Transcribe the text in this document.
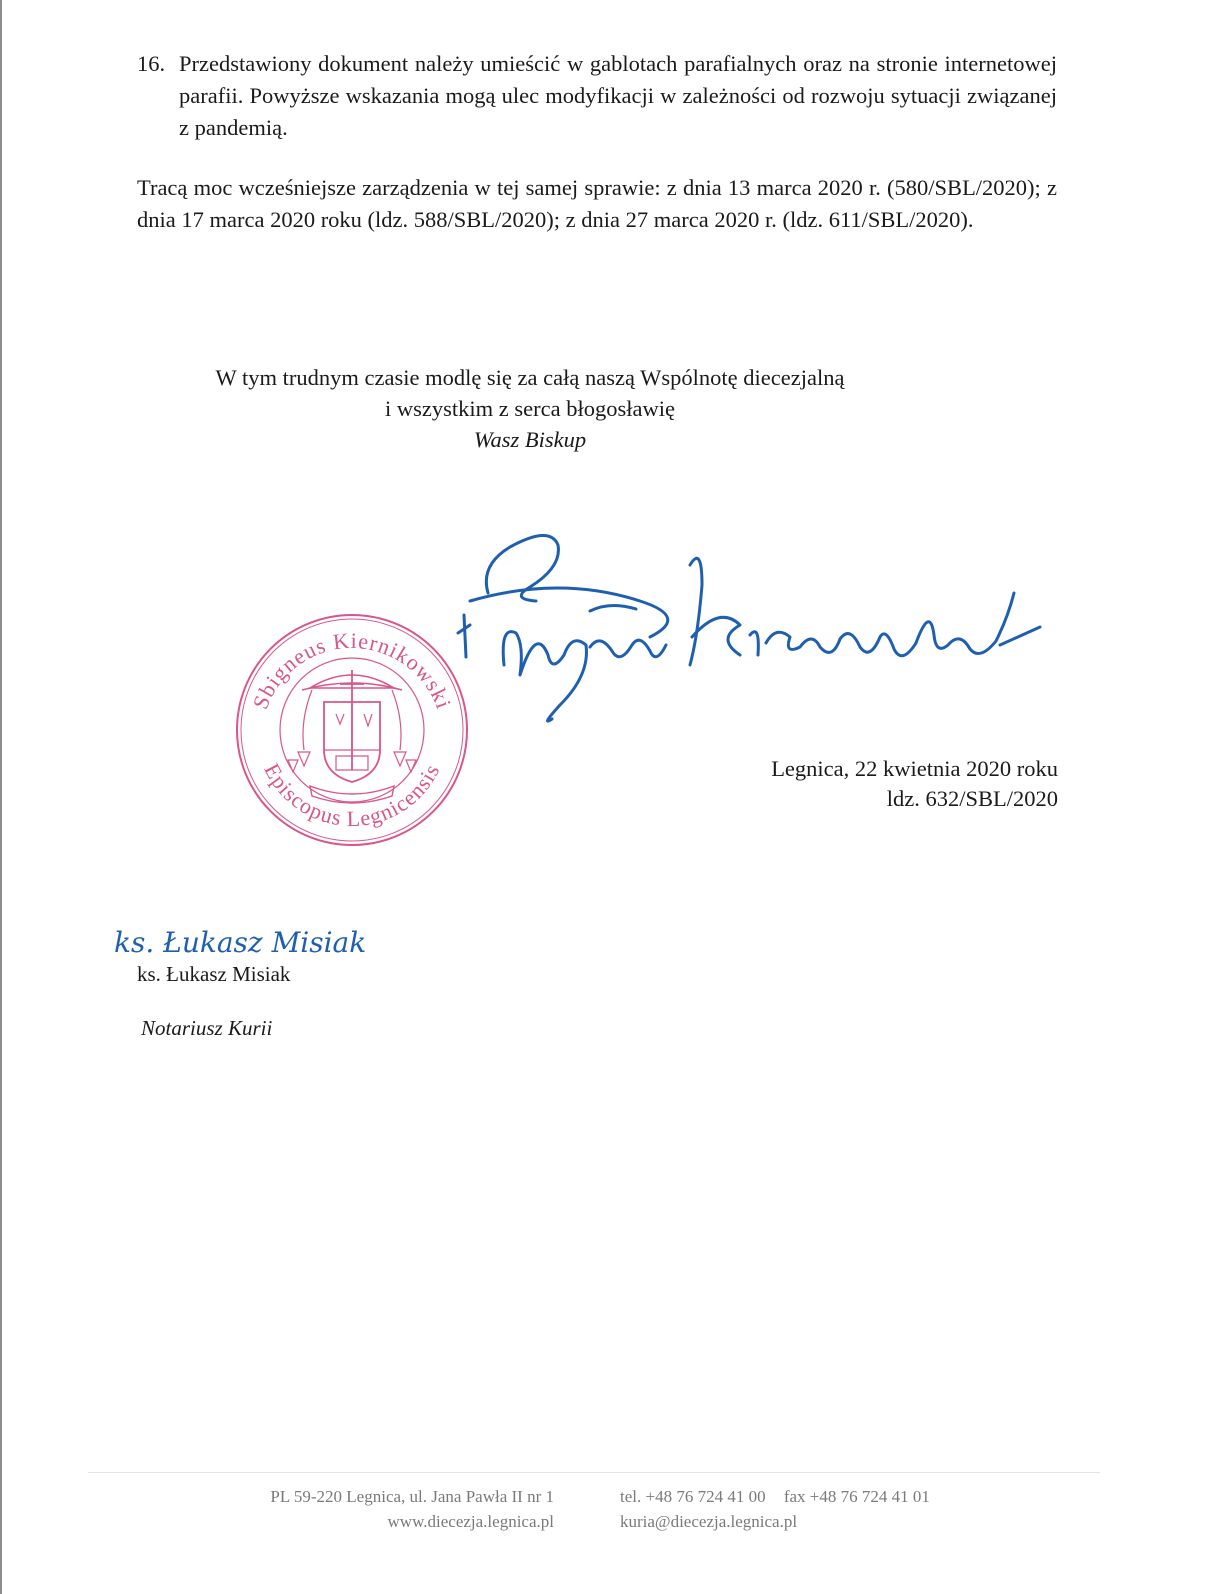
16. Przedstawiony dokument należy umieścić w gablotach parafialnych oraz na stronie internetowej parafii. Powyższe wskazania mogą ulec modyfikacji w zależności od rozwoju sytuacji związanej z pandemią.
Tracą moc wcześniejsze zarządzenia w tej samej sprawie: z dnia 13 marca 2020 r. (580/SBL/2020); z dnia 17 marca 2020 roku (ldz. 588/SBL/2020); z dnia 27 marca 2020 r. (ldz. 611/SBL/2020).
W tym trudnym czasie modlę się za całą naszą Wspólnotę diecezjalną
i wszystkim z serca błogosławię
Wasz Biskup
Sbigneus Kiernikowski
Episcopus Legnicensis	Legnica, 22 kwietnia 2020 roku
ldz. 632/SBL/2020
ks. Łukasz Misiak
ks. Łukasz Misiak
Notariusz Kurii
PL 59-220 Legnica, ul. Jana Pawła II nr 1
www.diecezja.legnica.pl
tel. +48 76 724 41 00 fax +48 76 724 41 01
kuria@diecezja.legnica.pl
